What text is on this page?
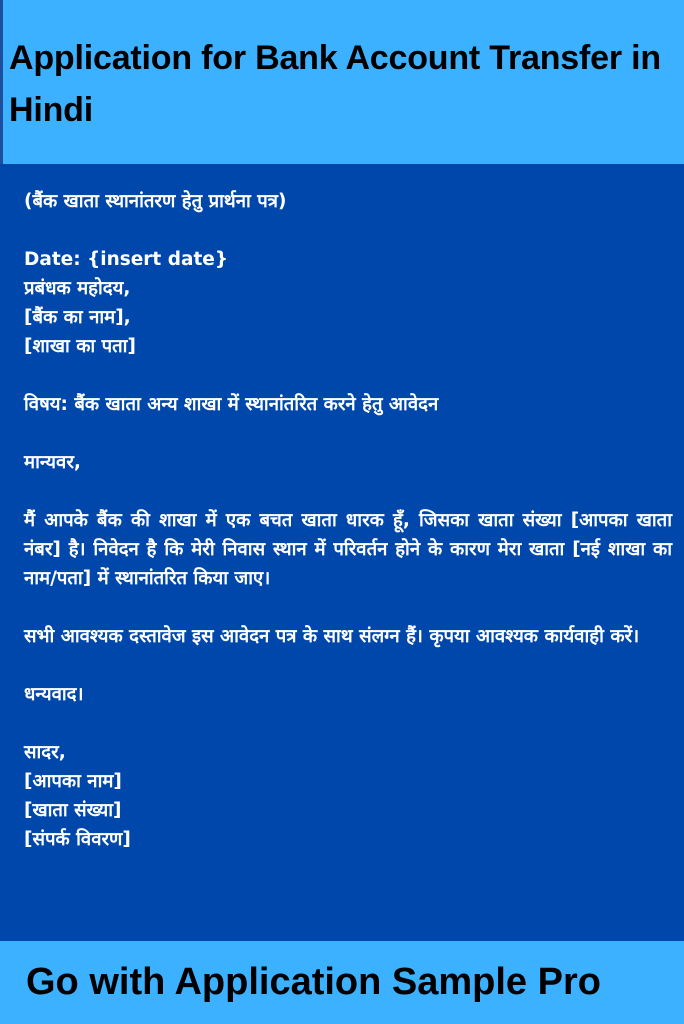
Application for Bank Account Transfer in Hindi
(बैंक खाता स्थानांतरण हेतु प्रार्थना पत्र)
Date: {insert date}
प्रबंधक महोदय,
[बैंक का नाम],
[शाखा का पता]
विषय: बैंक खाता अन्य शाखा में स्थानांतरित करने हेतु आवेदन
मान्यवर,
मैं आपके बैंक की शाखा में एक बचत खाता धारक हूँ, जिसका खाता संख्या [आपका खाता नंबर] है। निवेदन है कि मेरी निवास स्थान में परिवर्तन होने के कारण मेरा खाता [नई शाखा का नाम/पता] में स्थानांतरित किया जाए।
सभी आवश्यक दस्तावेज इस आवेदन पत्र के साथ संलग्न हैं। कृपया आवश्यक कार्यवाही करें।
धन्यवाद।
सादर,
[आपका नाम]
[खाता संख्या]
[संपर्क विवरण]

Go with Application Sample Pro
